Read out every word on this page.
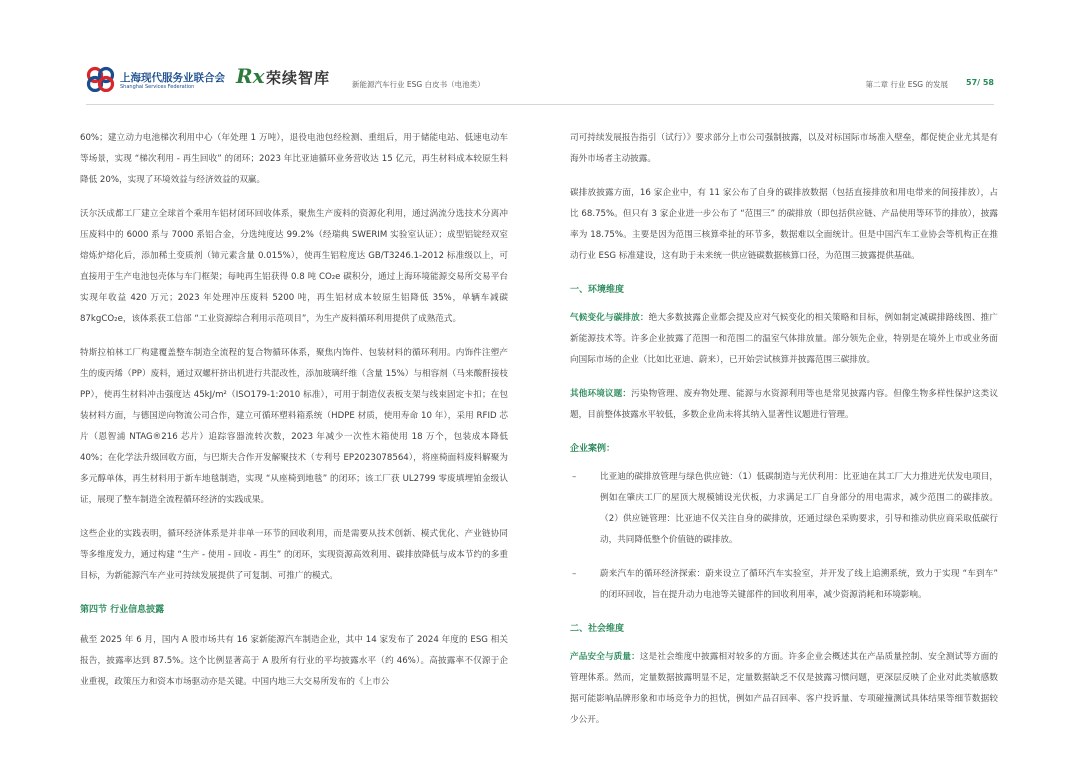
上海现代服务业联合会
Shanghai Services Federation Rx 荣续智库	新能源汽车行业 ESG 白皮书（电池类）	第二章 行业 ESG 的发展 57/ 58

60%；建立动力电池梯次利用中心（年处理 1 万吨），退役电池包经检测、重组后，用于储能电站、低速电动车等场景，实现 “梯次利用 - 再生回收” 的闭环；2023 年比亚迪循环业务营收达 15 亿元，再生材料成本较原生料降低 20%，实现了环境效益与经济效益的双赢。

沃尔沃成都工厂建立全球首个乘用车铝材闭环回收体系，聚焦生产废料的资源化利用，通过涡流分选技术分离冲压废料中的 6000 系与 7000 系铝合金，分选纯度达 99.2%（经瑞典 SWERIM 实验室认证）；成型铝锭经双室熔炼炉熔化后，添加稀土变质剂（铈元素含量 0.015%），使再生铝粒度达 GB/T3246.1-2012 标准级以上，可直接用于生产电池包壳体与车门框架；每吨再生铝获得 0.8 吨 CO₂e 碳积分，通过上海环境能源交易所交易平台实现年收益 420 万元；2023 年处理冲压废料 5200 吨，再生铝材成本较原生铝降低 35%，单辆车减碳 87kgCO₂e，该体系获工信部 “工业资源综合利用示范项目”，为生产废料循环利用提供了成熟范式。

特斯拉柏林工厂构建覆盖整车制造全流程的复合物循环体系，聚焦内饰件、包装材料的循环利用。内饰件注塑产生的废丙烯（PP）废料，通过双螺杆挤出机进行共混改性，添加玻璃纤维（含量 15%）与相容剂（马来酸酐接枝 PP），使再生材料冲击强度达 45kJ/m²（ISO179-1:2010 标准），可用于制造仪表板支架与线束固定卡扣；在包装材料方面，与德国逆向物流公司合作，建立可循环塑料箱系统（HDPE 材质，使用寿命 10 年），采用 RFID 芯片（恩智浦 NTAG®216 芯片）追踪容器流转次数，2023 年减少一次性木箱使用 18 万个，包装成本降低 40%；在化学法升级回收方面，与巴斯夫合作开发解聚技术（专利号 EP2023078564），将座椅面料废料解聚为多元醇单体，再生材料用于新车地毯制造，实现 “从座椅到地毯” 的闭环；该工厂获 UL2799 零废填埋铂金级认证，展现了整车制造全流程循环经济的实践成果。

这些企业的实践表明，循环经济体系是并非单一环节的回收利用，而是需要从技术创新、模式优化、产业链协同等多维度发力，通过构建 “生产 - 使用 - 回收 - 再生” 的闭环，实现资源高效利用、碳排放降低与成本节约的多重目标，为新能源汽车产业可持续发展提供了可复制、可推广的模式。

第四节 行业信息披露

截至 2025 年 6 月，国内 A 股市场共有 16 家新能源汽车制造企业，其中 14 家发布了 2024 年度的 ESG 相关报告，披露率达到 87.5%。这个比例显著高于 A 股所有行业的平均披露水平（约 46%）。高披露率不仅源于企业重视，政策压力和资本市场驱动亦是关键。中国内地三大交易所发布的《上市公

司可持续发展报告指引（试行）》要求部分上市公司强制披露，以及对标国际市场准入壁垒，都促使企业尤其是有海外市场者主动披露。

碳排放披露方面，16 家企业中，有 11 家公布了自身的碳排放数据（包括直接排放和用电带来的间接排放），占比 68.75%。但只有 3 家企业进一步公布了 “范围三” 的碳排放（即包括供应链、产品使用等环节的排放），披露率为 18.75%。主要是因为范围三核算牵扯的环节多，数据难以全面统计。但是中国汽车工业协会等机构正在推动行业 ESG 标准建设，这有助于未来统一供应链碳数据核算口径，为范围三披露提供基础。

一、环境维度

气候变化与碳排放：绝大多数披露企业都会提及应对气候变化的相关策略和目标，例如制定减碳排路线图、推广新能源技术等。许多企业披露了范围一和范围二的温室气体排放量。部分领先企业，特别是在境外上市或业务面向国际市场的企业（比如比亚迪、蔚来），已开始尝试核算并披露范围三碳排放。

其他环境议题：污染物管理、废弃物处理、能源与水资源利用等也是常见披露内容。但像生物多样性保护这类议题，目前整体披露水平较低，多数企业尚未将其纳入显著性议题进行管理。

企业案例：

–	比亚迪的碳排放管理与绿色供应链：（1）低碳制造与光伏利用：比亚迪在其工厂大力推进光伏发电项目，例如在肇庆工厂的屋顶大规模铺设光伏板，力求满足工厂自身部分的用电需求，减少范围二的碳排放。（2）供应链管理：比亚迪不仅关注自身的碳排放，还通过绿色采购要求，引导和推动供应商采取低碳行动，共同降低整个价值链的碳排放。

–	蔚来汽车的循环经济探索：蔚来设立了循环汽车实验室，并开发了线上追溯系统，致力于实现 “车到车” 的闭环回收，旨在提升动力电池等关键部件的回收利用率，减少资源消耗和环境影响。

二、社会维度

产品安全与质量：这是社会维度中披露相对较多的方面。许多企业会概述其在产品质量控制、安全测试等方面的管理体系。然而，定量数据披露明显不足，定量数据缺乏不仅是披露习惯问题，更深层反映了企业对此类敏感数据可能影响品牌形象和市场竞争力的担忧，例如产品召回率、客户投诉量、专项碰撞测试具体结果等细节数据较少公开。
